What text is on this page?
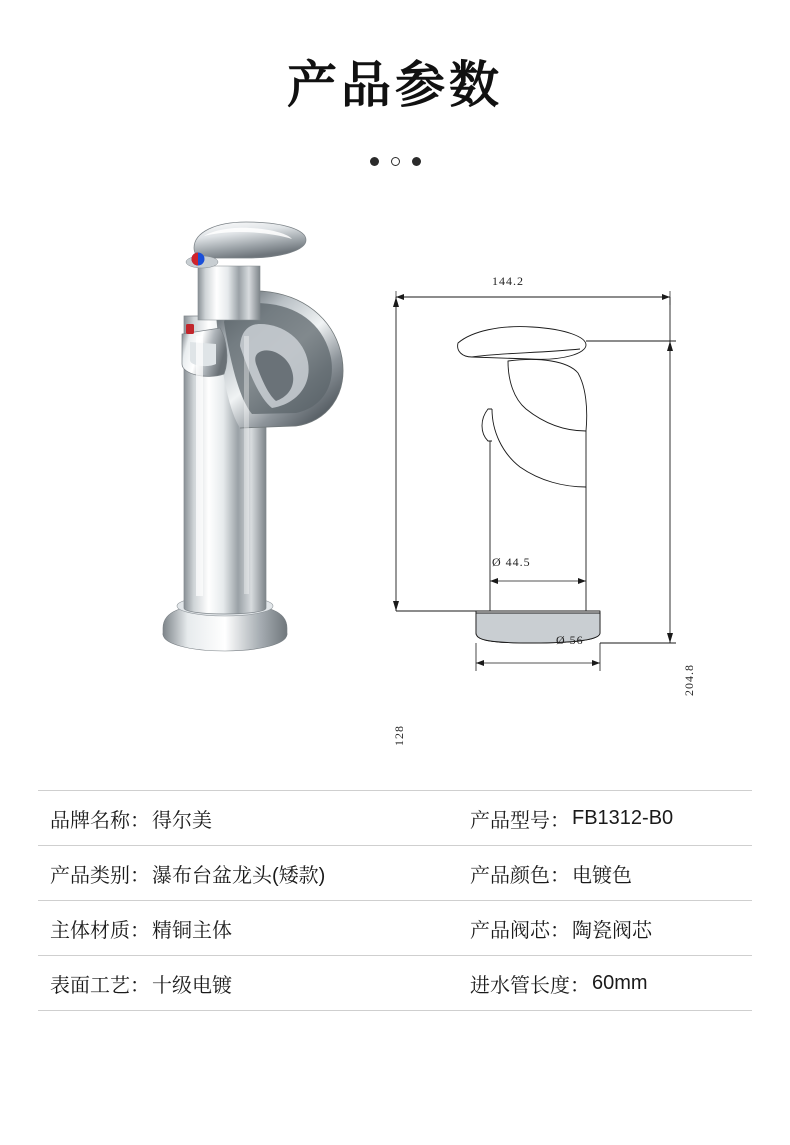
产品参数
144.2
204.8
128
Ø 44.5
Ø 56
品牌名称： 得尔美	产品型号： FB1312-B0
产品类别： 瀑布台盆龙头(矮款)	产品颜色： 电镀色
主体材质： 精铜主体	产品阀芯： 陶瓷阀芯
表面工艺： 十级电镀	进水管长度： 60mm
